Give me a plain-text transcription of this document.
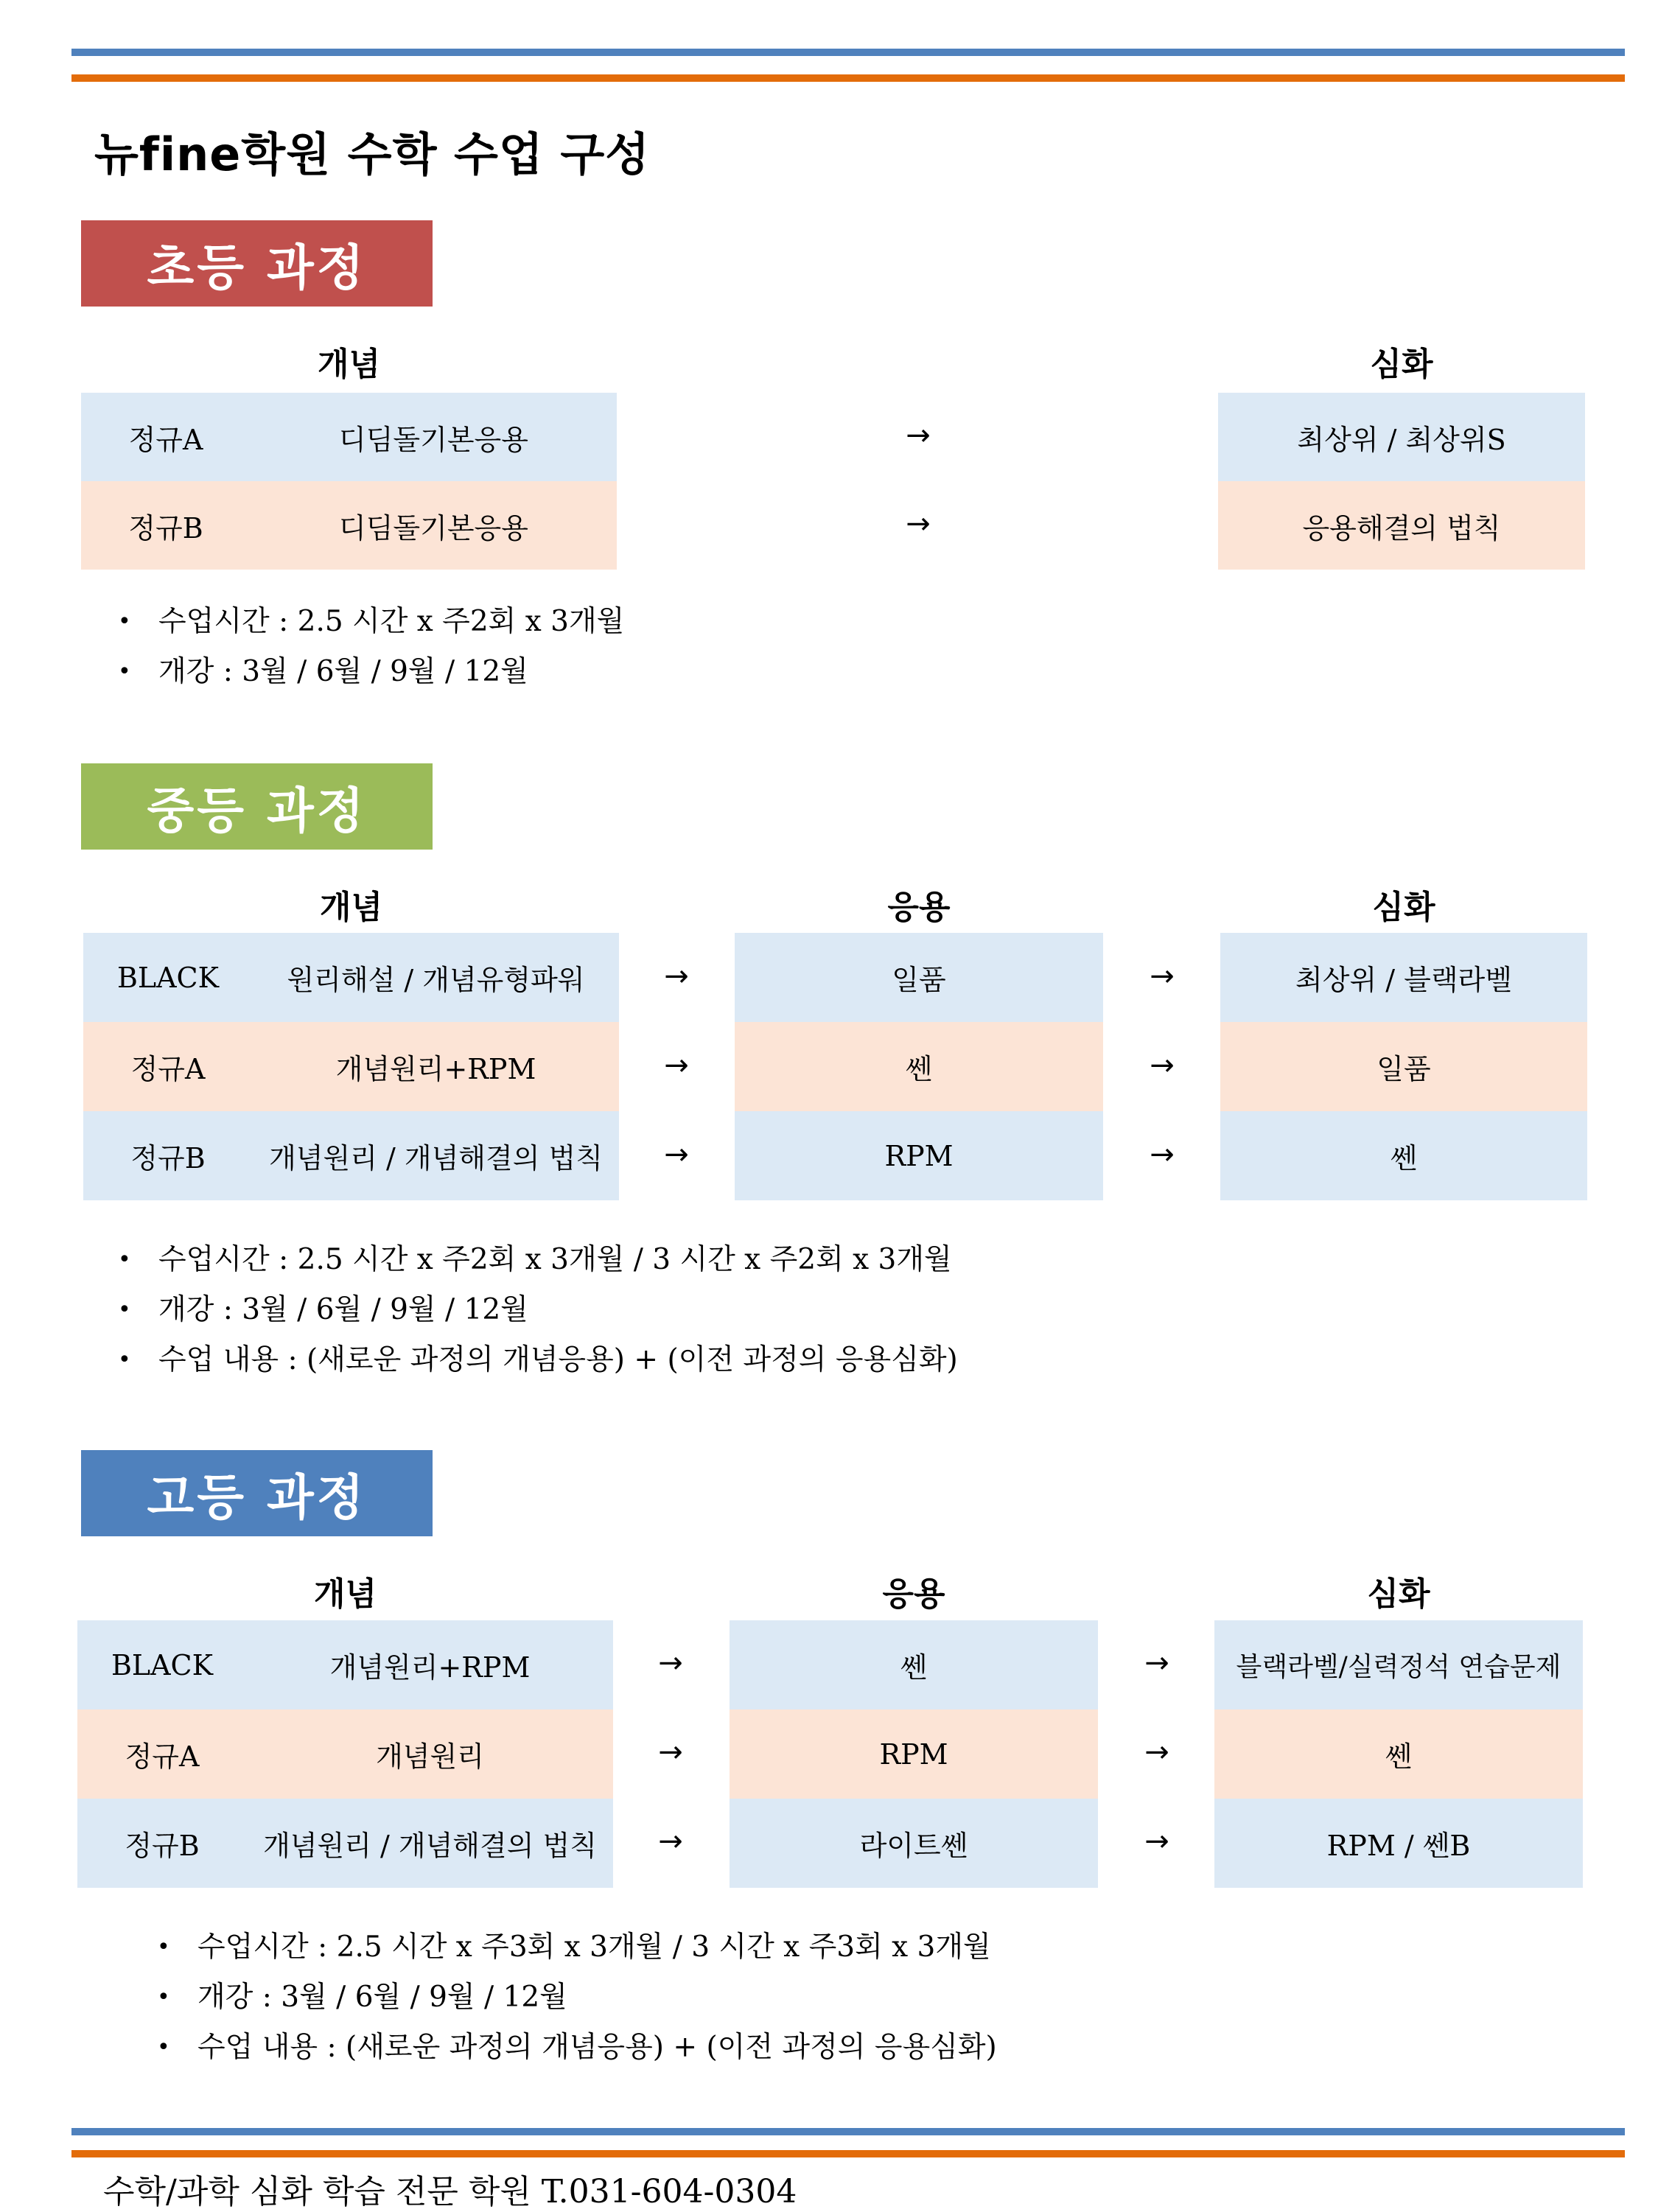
뉴fine학원 수학 수업 구성
초등 과정
개념	심화
정규A	디딤돌기본응용	→	최상위 / 최상위S
정규B	디딤돌기본응용	→	응용해결의 법칙
• 수업시간 : 2.5 시간 x 주2회 x 3개월
• 개강 : 3월 / 6월 / 9월 / 12월
중등 과정
개념	응용	심화
BLACK	원리해설 / 개념유형파워	→	일품	→	최상위 / 블랙라벨
정규A	개념원리+RPM	→	쎈	→	일품
정규B	개념원리 / 개념해결의 법칙	→	RPM	→	쎈
• 수업시간 : 2.5 시간 x 주2회 x 3개월 / 3 시간 x 주2회 x 3개월
• 개강 : 3월 / 6월 / 9월 / 12월
• 수업 내용 : (새로운 과정의 개념응용) + (이전 과정의 응용심화)
고등 과정
개념	응용	심화
BLACK	개념원리+RPM	→	쎈	→	블랙라벨/실력정석 연습문제
정규A	개념원리	→	RPM	→	쎈
정규B	개념원리 / 개념해결의 법칙	→	라이트쎈	→	RPM / 쎈B
• 수업시간 : 2.5 시간 x 주3회 x 3개월 / 3 시간 x 주3회 x 3개월
• 개강 : 3월 / 6월 / 9월 / 12월
• 수업 내용 : (새로운 과정의 개념응용) + (이전 과정의 응용심화)
수학/과학 심화 학습 전문 학원 T.031-604-0304
